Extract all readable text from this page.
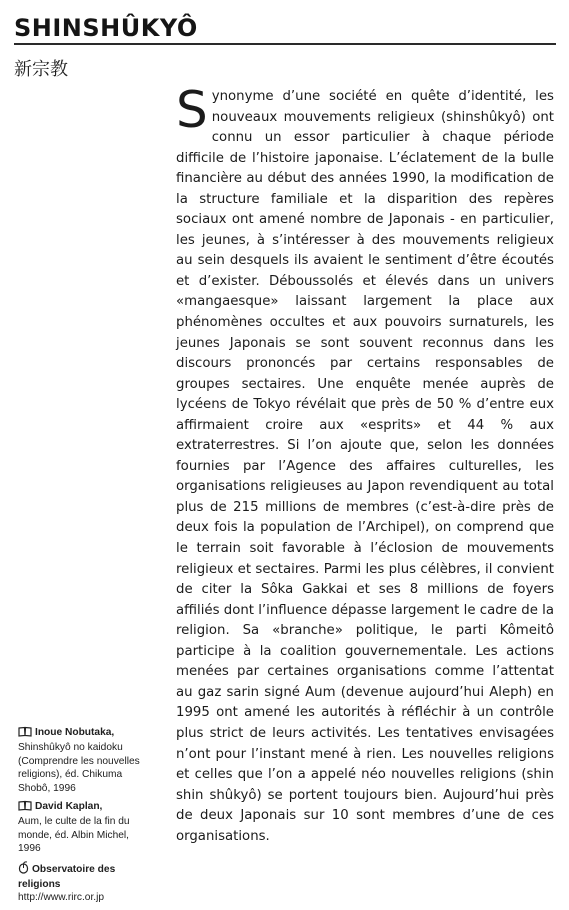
SHINSHÛKYÔ
新宗教
Synonyme d’une société en quête d’identité, les nouveaux mouvements religieux (shinshûkyô) ont connu un essor particulier à chaque période difficile de l’histoire japonaise. L’éclatement de la bulle financière au début des années 1990, la modification de la structure familiale et la disparition des repères sociaux ont amené nombre de Japonais - en particulier, les jeunes, à s’intéresser à des mouvements religieux au sein desquels ils avaient le sentiment d’être écoutés et d’exister. Déboussolés et élevés dans un univers «mangaesque» laissant largement la place aux phénomènes occultes et aux pouvoirs surnaturels, les jeunes Japonais se sont souvent reconnus dans les discours prononcés par certains responsables de groupes sectaires. Une enquête menée auprès de lycéens de Tokyo révélait que près de 50 % d’entre eux affirmaient croire aux «esprits» et 44 % aux extraterrestres. Si l’on ajoute que, selon les données fournies par l’Agence des affaires culturelles, les organisations religieuses au Japon revendiquent au total plus de 215 millions de membres (c’est-à-dire près de deux fois la population de l’Archipel), on comprend que le terrain soit favorable à l’éclosion de mouvements religieux et sectaires. Parmi les plus célèbres, il convient de citer la Sôka Gakkai et ses 8 millions de foyers affiliés dont l’influence dépasse largement le cadre de la religion. Sa «branche» politique, le parti Kômeitô participe à la coalition gouvernementale. Les actions menées par certaines organisations comme l’attentat au gaz sarin signé Aum (devenue aujourd’hui Aleph) en 1995 ont amené les autorités à réfléchir à un contrôle plus strict de leurs activités. Les tentatives envisagées n’ont pour l’instant mené à rien. Les nouvelles religions et celles que l’on a appelé néo nouvelles religions (shin shin shûkyô) se portent toujours bien. Aujourd’hui près de deux Japonais sur 10 sont membres d’une de ces organisations.
Inoue Nobutaka, Shinshûkyô no kaidoku (Comprendre les nouvelles religions), éd. Chikuma Shobô, 1996
David Kaplan,
Aum, le culte de la fin du monde, éd. Albin Michel, 1996
Observatoire des religions
http://www.rirc.or.jp
